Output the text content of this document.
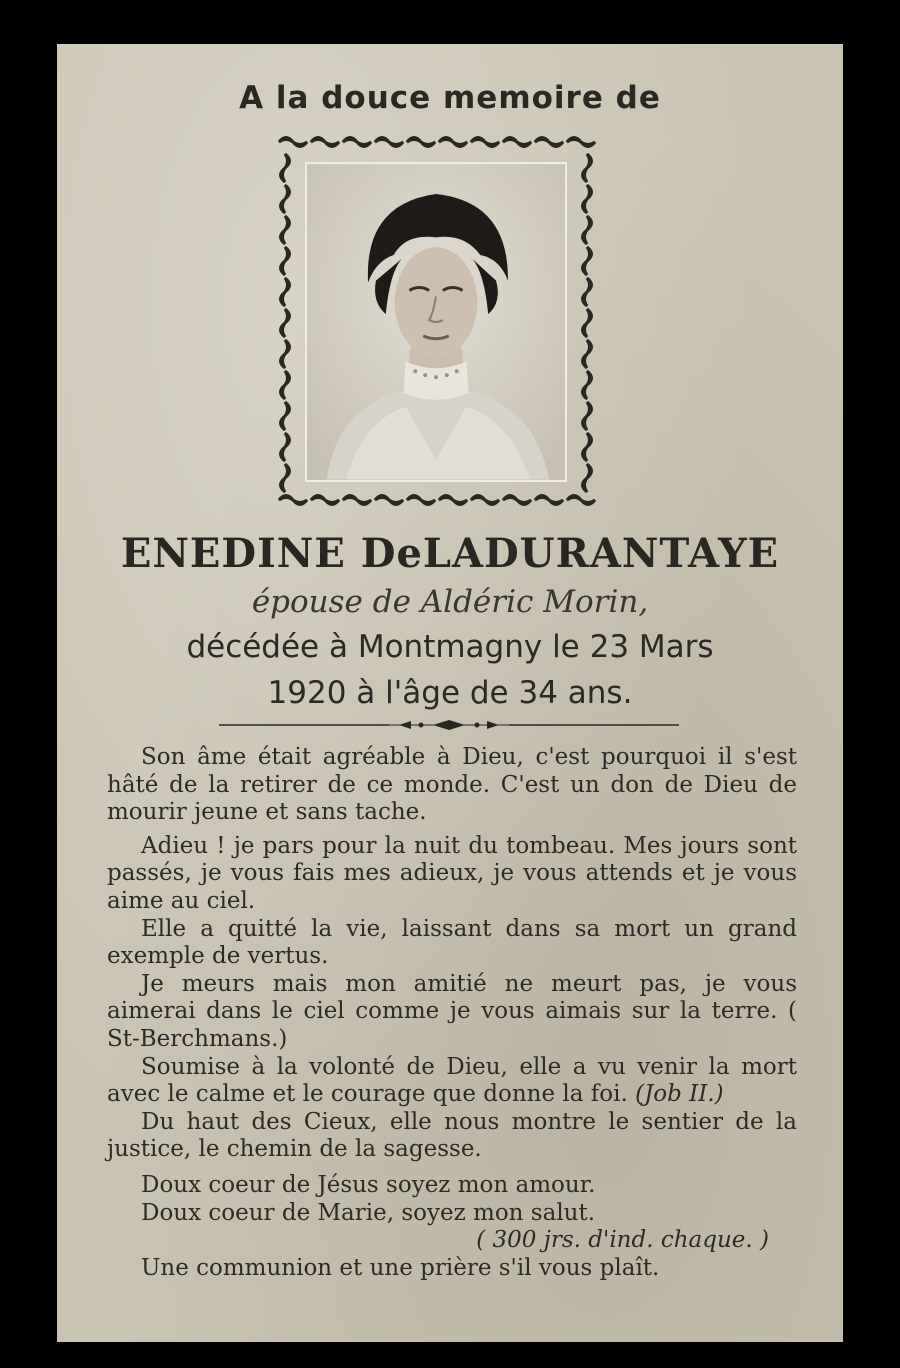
A la douce memoire de
ENEDINE DeLADURANTAYE
épouse de Aldéric Morin,
décédée à Montmagny le 23 Mars
1920 à l'âge de 34 ans.

Son âme était agréable à Dieu, c'est pourquoi il s'est hâté de la retirer de ce monde. C'est un don de Dieu de mourir jeune et sans tache.

Adieu ! je pars pour la nuit du tombeau. Mes jours sont passés, je vous fais mes adieux, je vous attends et je vous aime au ciel.

Elle a quitté la vie, laissant dans sa mort un grand exemple de vertus.

Je meurs mais mon amitié ne meurt pas, je vous aimerai dans le ciel comme je vous aimais sur la terre. ( St-Berchmans.)

Soumise à la volonté de Dieu, elle a vu venir la mort avec le calme et le courage que donne la foi. (Job II.)

Du haut des Cieux, elle nous montre le sentier de la justice, le chemin de la sagesse.

Doux coeur de Jésus soyez mon amour.

Doux coeur de Marie, soyez mon salut.

( 300 jrs. d'ind. chaque. )

Une communion et une prière s'il vous plaît.
